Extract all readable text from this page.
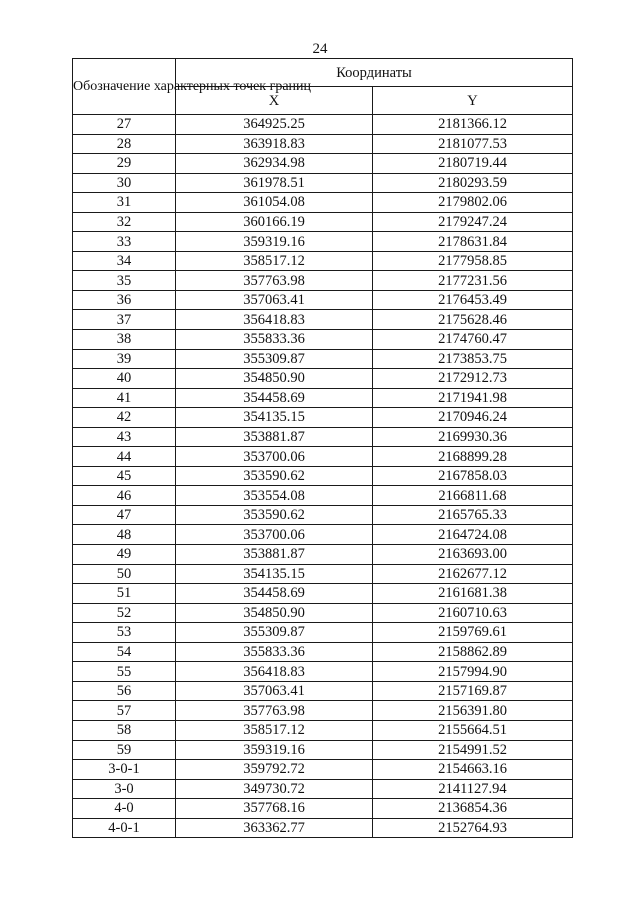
24
Обозначение характерных точек границ	Координаты	
	X	Y
27	364925.25	2181366.12
28	363918.83	2181077.53
29	362934.98	2180719.44
30	361978.51	2180293.59
31	361054.08	2179802.06
32	360166.19	2179247.24
33	359319.16	2178631.84
34	358517.12	2177958.85
35	357763.98	2177231.56
36	357063.41	2176453.49
37	356418.83	2175628.46
38	355833.36	2174760.47
39	355309.87	2173853.75
40	354850.90	2172912.73
41	354458.69	2171941.98
42	354135.15	2170946.24
43	353881.87	2169930.36
44	353700.06	2168899.28
45	353590.62	2167858.03
46	353554.08	2166811.68
47	353590.62	2165765.33
48	353700.06	2164724.08
49	353881.87	2163693.00
50	354135.15	2162677.12
51	354458.69	2161681.38
52	354850.90	2160710.63
53	355309.87	2159769.61
54	355833.36	2158862.89
55	356418.83	2157994.90
56	357063.41	2157169.87
57	357763.98	2156391.80
58	358517.12	2155664.51
59	359319.16	2154991.52
3-0-1	359792.72	2154663.16
3-0	349730.72	2141127.94
4-0	357768.16	2136854.36
4-0-1	363362.77	2152764.93
